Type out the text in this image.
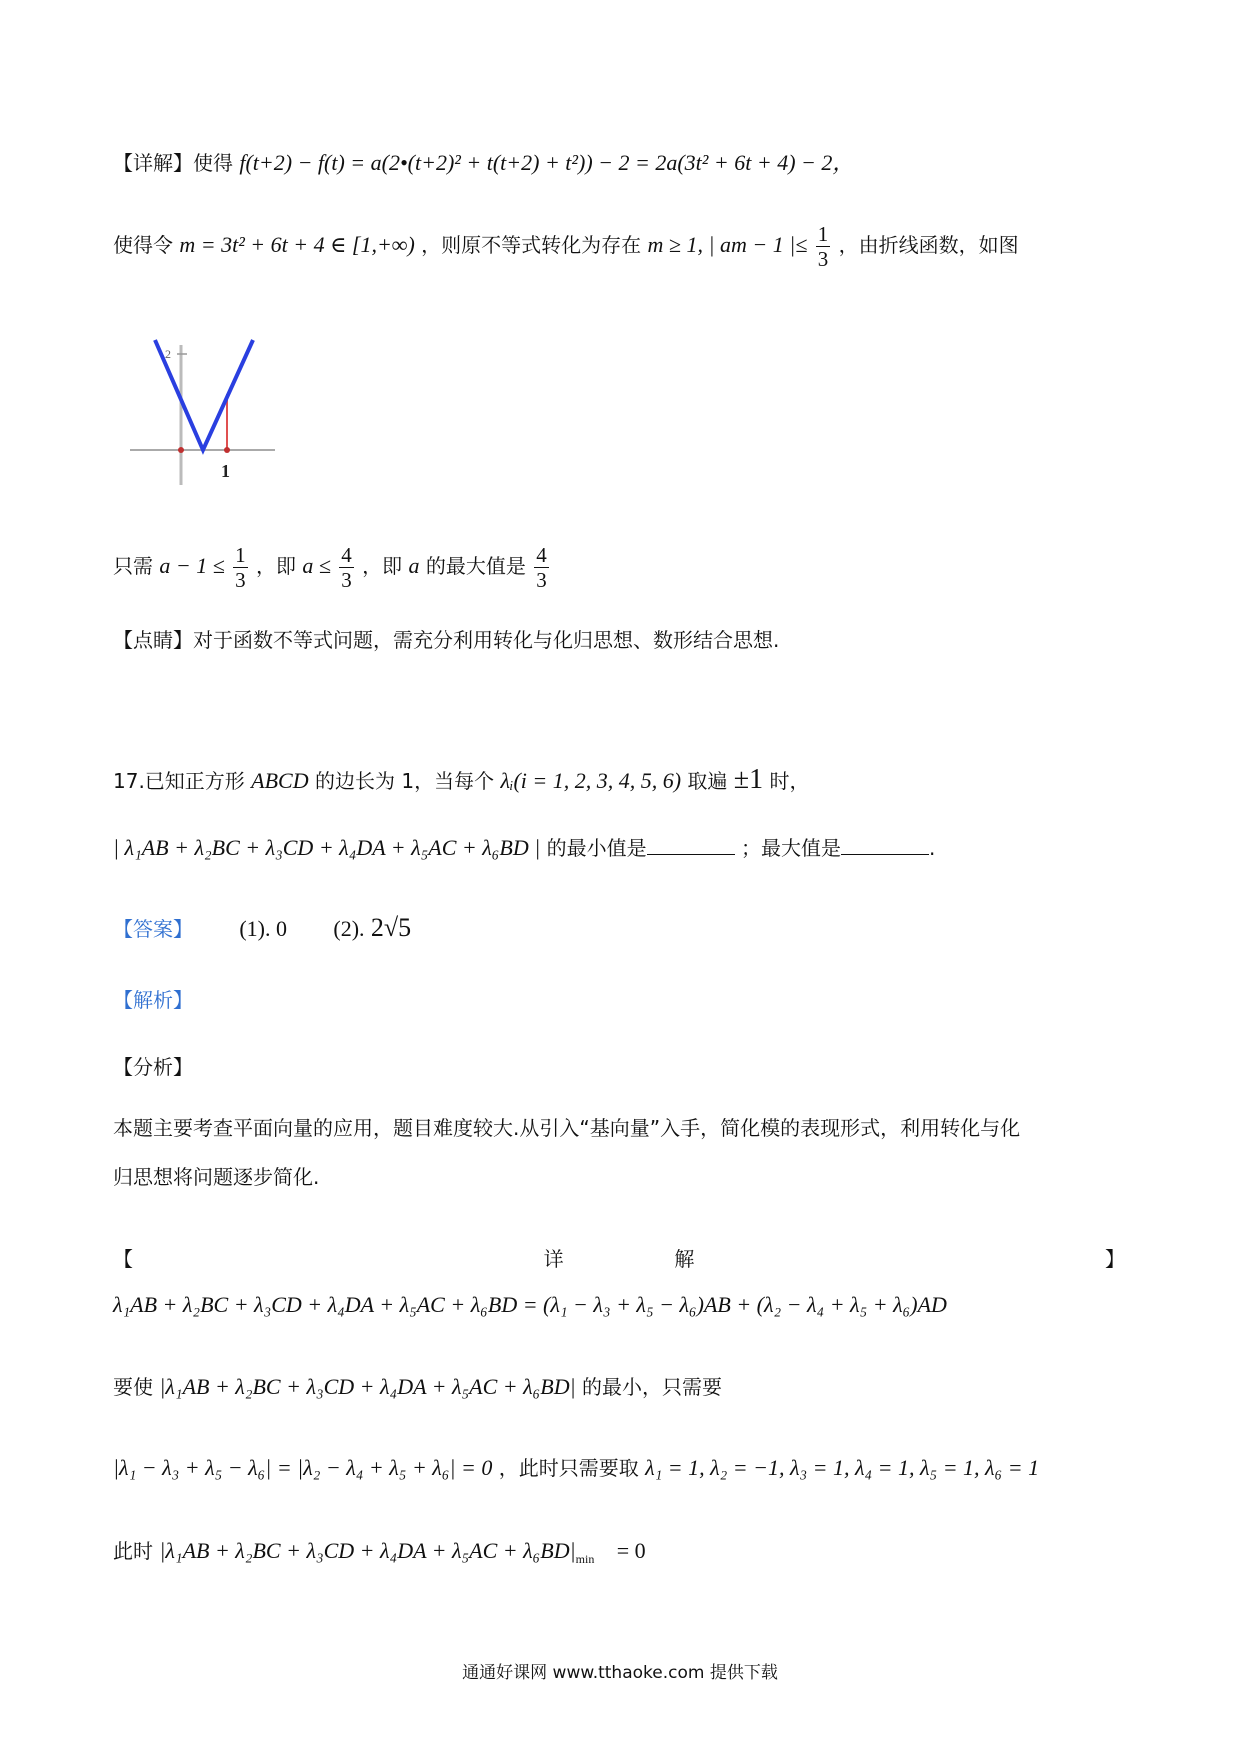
【详解】使得 f(t+2) − f(t) = a(2•(t+2)² + t(t+2) + t²)) − 2 = 2a(3t² + 6t + 4) − 2，
使得令 m = 3t² + 6t + 4 ∈ [1,+∞) ，则原不等式转化为存在 m ≥ 1, | am − 1 |≤ $\frac{1}{3}$ ，由折线函数，如图
2
1
只需 $a - 1 \le \frac{1}{3}$ ，即 $a \le \frac{4}{3}$ ，即 a 的最大值是 $\frac{4}{3}$
【点睛】对于函数不等式问题，需充分利用转化与化归思想、数形结合思想.
17.已知正方形 ABCD 的边长为 1，当每个 λᵢ(i = 1, 2, 3, 4, 5, 6) 取遍 ±1 时，
| λ₁AB + λ₂BC + λ₃CD + λ₄DA + λ₅AC + λ₆BD | 的最小值是	；最大值是	.
【答案】 (1). 0 (2). 2√5
【解析】
【分析】
本题主要考查平面向量的应用，题目难度较大.从引入“基向量”入手，简化模的表现形式，利用转化与化
归思想将问题逐步简化.
【	详	解	】
λ₁AB + λ₂BC + λ₃CD + λ₄DA + λ₅AC + λ₆BD = (λ₁ − λ₃ + λ₅ − λ₆)AB + (λ₂ − λ₄ + λ₅ + λ₆)AD
要使 |λ₁AB + λ₂BC + λ₃CD + λ₄DA + λ₅AC + λ₆BD| 的最小，只需要
|λ₁ − λ₃ + λ₅ − λ₆| = |λ₂ − λ₄ + λ₅ + λ₆| = 0 ，此时只需要取 λ₁ = 1, λ₂ = −1, λ₃ = 1, λ₄ = 1, λ₅ = 1, λ₆ = 1
此时 $|\lambda_1AB + \lambda_2BC + \lambda_3CD + \lambda_4DA + \lambda_5AC + \lambda_6BD|_{min} = 0$
通通好课网 www.tthaoke.com 提供下载
